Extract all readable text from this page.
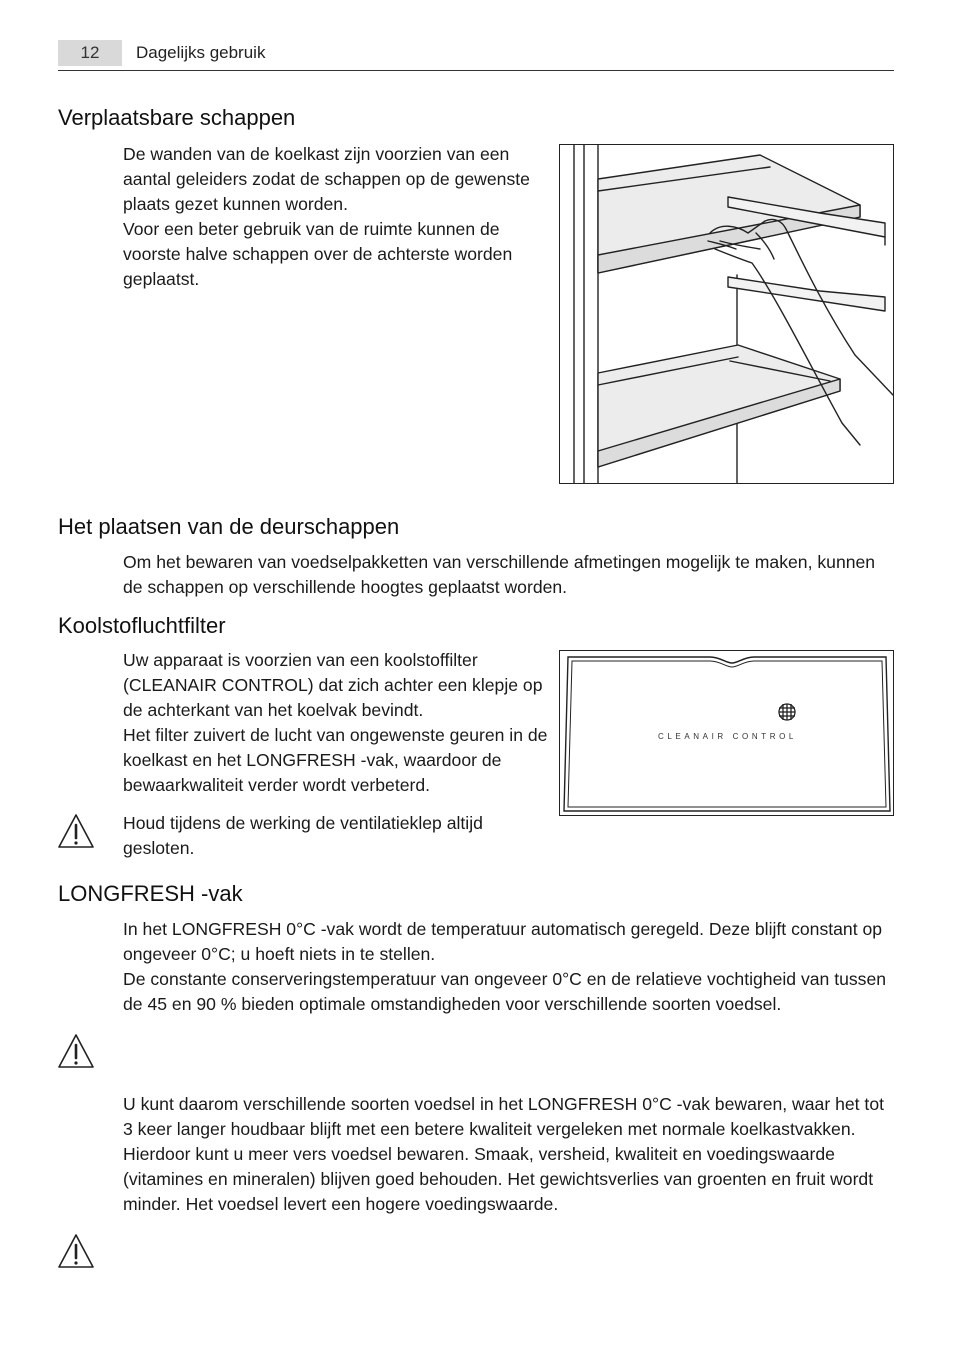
12	Dagelijks gebruik
Verplaatsbare schappen

De wanden van de koelkast zijn voorzien van een aantal geleiders zodat de schappen op de gewenste plaats gezet kunnen worden.

Voor een beter gebruik van de ruimte kunnen de voorste halve schappen over de achterste worden geplaatst.

Het plaatsen van de deurschappen

Om het bewaren van voedselpakketten van verschillende afmetingen mogelijk te maken, kunnen de schappen op verschillende hoogtes geplaatst worden.

Koolstofluchtfilter

Uw apparaat is voorzien van een koolstoffilter (CLEANAIR CONTROL) dat zich achter een klepje op de achterkant van het koelvak bevindt.

Het filter zuivert de lucht van ongewenste geuren in de koelkast en het LONGFRESH -vak, waardoor de bewaarkwaliteit verder wordt verbeterd.

CLEANAIR CONTROL

Houd tijdens de werking de ventilatieklep altijd gesloten.

LONGFRESH -vak

In het LONGFRESH 0°C -vak wordt de temperatuur automatisch geregeld. Deze blijft constant op ongeveer 0°C; u hoeft niets in te stellen.

De constante conserveringstemperatuur van ongeveer 0°C en de relatieve vochtigheid van tussen de 45 en 90 % bieden optimale omstandigheden voor verschillende soorten voedsel.

U kunt daarom verschillende soorten voedsel in het LONGFRESH 0°C -vak bewaren, waar het tot 3 keer langer houdbaar blijft met een betere kwaliteit vergeleken met normale koelkastvakken. Hierdoor kunt u meer vers voedsel bewaren. Smaak, versheid, kwaliteit en voedingswaarde (vitamines en mineralen) blijven goed behouden. Het gewichtsverlies van groenten en fruit wordt minder. Het voedsel levert een hogere voedingswaarde.
